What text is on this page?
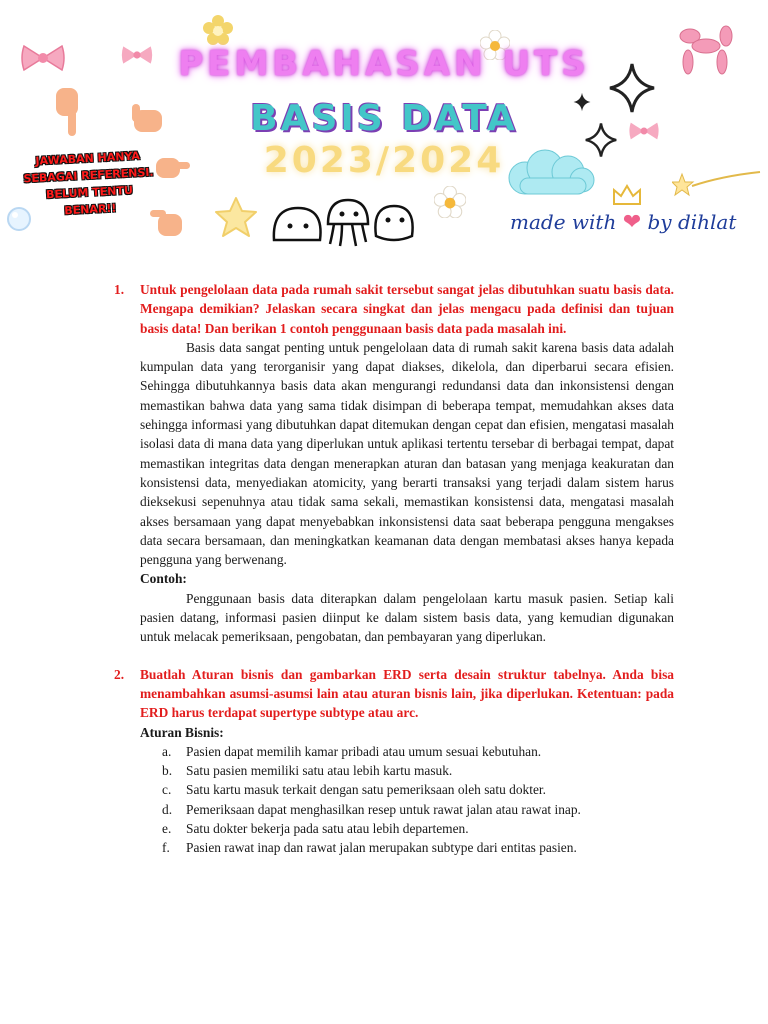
PEMBAHASAN UTS
BASIS DATA
2023/2024
JAWABAN HANYA
SEBAGAI REFERENSI.
BELUM TENTU
BENAR!!
made with ❤ by dihlat
1.	Untuk pengelolaan data pada rumah sakit tersebut sangat jelas dibutuhkan suatu basis data. Mengapa demikian? Jelaskan secara singkat dan jelas mengacu pada definisi dan tujuan basis data! Dan berikan 1 contoh penggunaan basis data pada masalah ini.

Basis data sangat penting untuk pengelolaan data di rumah sakit karena basis data adalah kumpulan data yang terorganisir yang dapat diakses, dikelola, dan diperbarui secara efisien. Sehingga dibutuhkannya basis data akan mengurangi redundansi data dan inkonsistensi dengan memastikan bahwa data yang sama tidak disimpan di beberapa tempat, memudahkan akses data sehingga informasi yang dibutuhkan dapat ditemukan dengan cepat dan efisien, mengatasi masalah isolasi data di mana data yang diperlukan untuk aplikasi tertentu tersebar di berbagai tempat, dapat memastikan integritas data dengan menerapkan aturan dan batasan yang menjaga keakuratan dan konsistensi data, menyediakan atomicity, yang berarti transaksi yang terjadi dalam sistem harus dieksekusi sepenuhnya atau tidak sama sekali, memastikan konsistensi data, mengatasi masalah akses bersamaan yang dapat menyebabkan inkonsistensi data saat beberapa pengguna mengakses data secara bersamaan, dan meningkatkan keamanan data dengan membatasi akses hanya kepada pengguna yang berwenang.

Contoh:

Penggunaan basis data diterapkan dalam pengelolaan kartu masuk pasien. Setiap kali pasien datang, informasi pasien diinput ke dalam sistem basis data, yang kemudian digunakan untuk melacak pemeriksaan, pengobatan, dan pembayaran yang diperlukan.

2.	Buatlah Aturan bisnis dan gambarkan ERD serta desain struktur tabelnya. Anda bisa menambahkan asumsi-asumsi lain atau aturan bisnis lain, jika diperlukan. Ketentuan: pada ERD harus terdapat supertype subtype atau arc.
Aturan Bisnis:
a.	Pasien dapat memilih kamar pribadi atau umum sesuai kebutuhan.
b.	Satu pasien memiliki satu atau lebih kartu masuk.
c.	Satu kartu masuk terkait dengan satu pemeriksaan oleh satu dokter.
d.	Pemeriksaan dapat menghasilkan resep untuk rawat jalan atau rawat inap.
e.	Satu dokter bekerja pada satu atau lebih departemen.
f.	Pasien rawat inap dan rawat jalan merupakan subtype dari entitas pasien.
